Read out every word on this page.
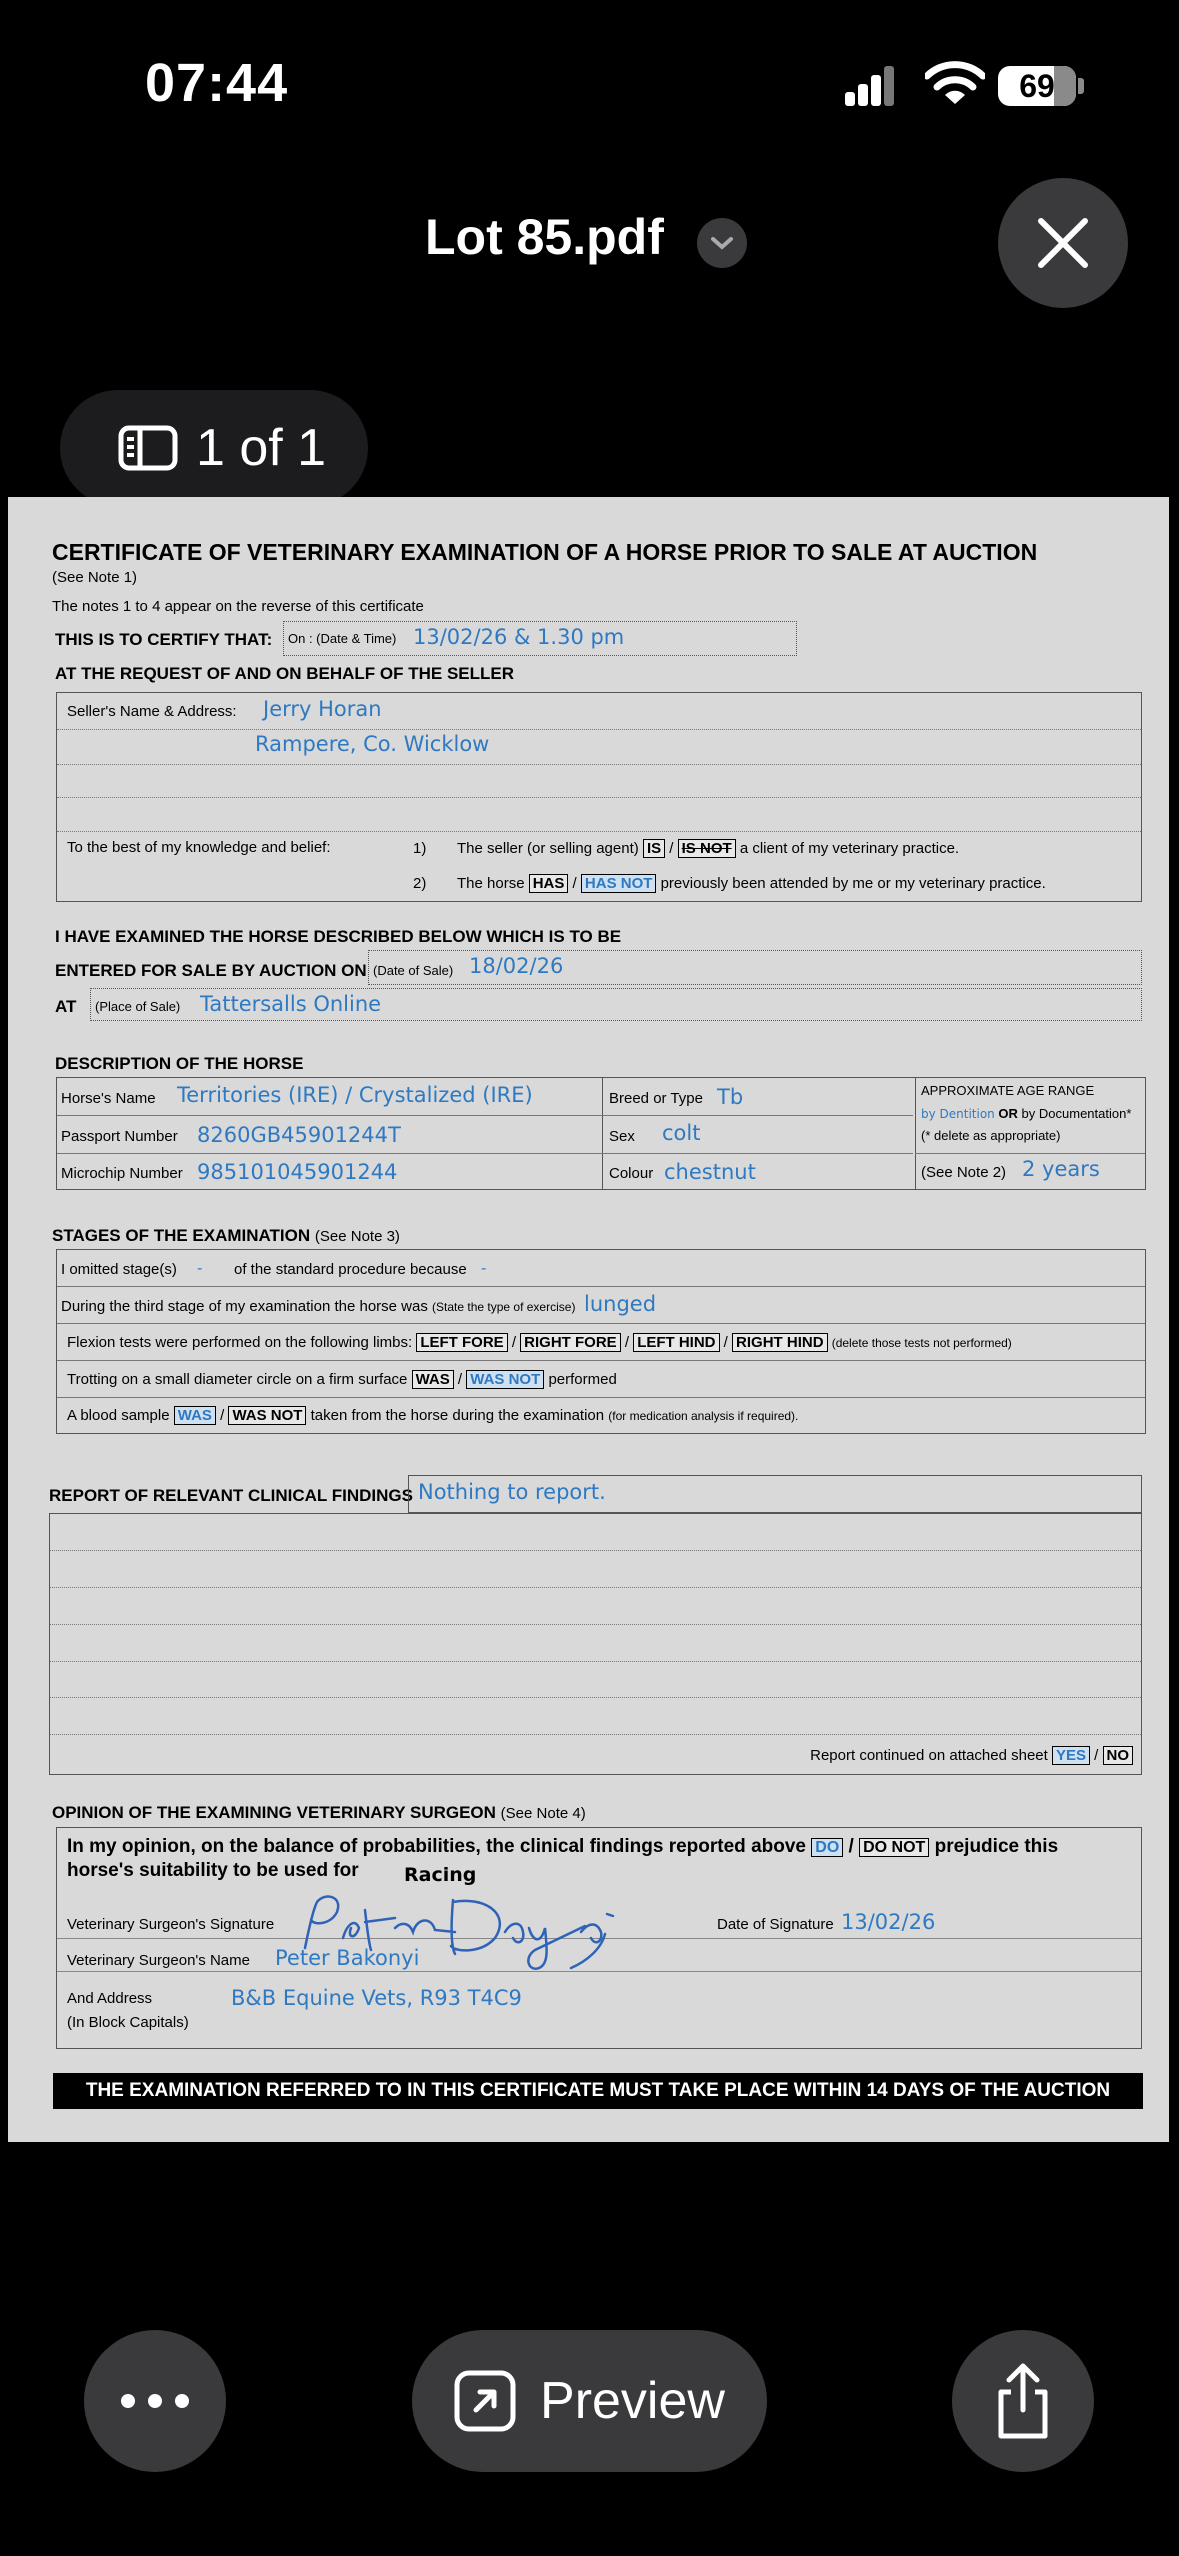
07:44	69
Lot 85.pdf
1 of 1
CERTIFICATE OF VETERINARY EXAMINATION OF A HORSE PRIOR TO SALE AT AUCTION
(See Note 1)
The notes 1 to 4 appear on the reverse of this certificate
THIS IS TO CERTIFY THAT: On : (Date & Time) 13/02/26 & 1.30 pm
AT THE REQUEST OF AND ON BEHALF OF THE SELLER
Seller's Name & Address: Jerry Horan
Rampere, Co. Wicklow
To the best of my knowledge and belief:	1) The seller (or selling agent) IS / IS NOT a client of my veterinary practice.
2) The horse HAS / HAS NOT previously been attended by me or my veterinary practice.
I HAVE EXAMINED THE HORSE DESCRIBED BELOW WHICH IS TO BE
ENTERED FOR SALE BY AUCTION ON (Date of Sale) 18/02/26
AT (Place of Sale) Tattersalls Online
DESCRIPTION OF THE HORSE
Horse's Name Territories (IRE) / Crystalized (IRE)	Breed or Type Tb	APPROXIMATE AGE RANGE
by Dentition OR by Documentation*
(* delete as appropriate)
Passport Number 8260GB45901244T	Sex colt
Microchip Number 985101045901244	Colour chestnut	(See Note 2) 2 years
STAGES OF THE EXAMINATION (See Note 3)
I omitted stage(s) - of the standard procedure because -
During the third stage of my examination the horse was (State the type of exercise) lunged
Flexion tests were performed on the following limbs: LEFT FORE / RIGHT FORE / LEFT HIND / RIGHT HIND (delete those tests not performed)
Trotting on a small diameter circle on a firm surface WAS / WAS NOT performed
A blood sample WAS / WAS NOT taken from the horse during the examination (for medication analysis if required).
REPORT OF RELEVANT CLINICAL FINDINGS Nothing to report.
Report continued on attached sheet YES / NO
OPINION OF THE EXAMINING VETERINARY SURGEON (See Note 4)
In my opinion, on the balance of probabilities, the clinical findings reported above DO / DO NOT prejudice this
horse's suitability to be used for Racing
Veterinary Surgeon's Signature	Date of Signature 13/02/26
Veterinary Surgeon's Name Peter Bakonyi
And Address
(In Block Capitals)
B&B Equine Vets, R93 T4C9
THE EXAMINATION REFERRED TO IN THIS CERTIFICATE MUST TAKE PLACE WITHIN 14 DAYS OF THE AUCTION
Preview
